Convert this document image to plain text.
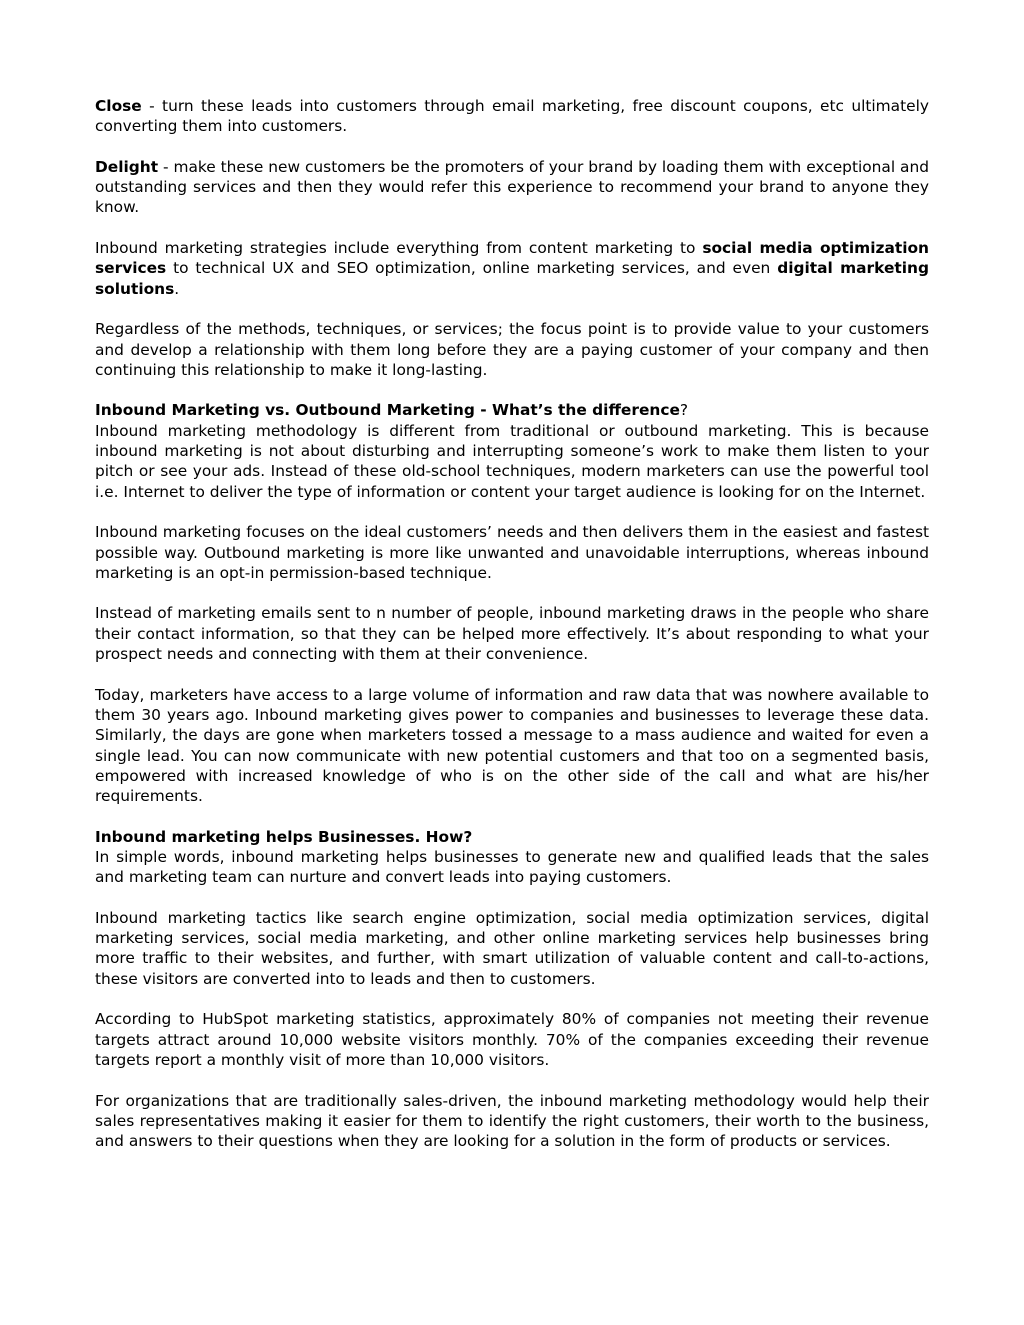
Close - turn these leads into customers through email marketing, free discount coupons, etc ultimately converting them into customers.

Delight - make these new customers be the promoters of your brand by loading them with exceptional and outstanding services and then they would refer this experience to recommend your brand to anyone they know.

Inbound marketing strategies include everything from content marketing to social media optimization services to technical UX and SEO optimization, online marketing services, and even digital marketing solutions.

Regardless of the methods, techniques, or services; the focus point is to provide value to your customers and develop a relationship with them long before they are a paying customer of your company and then continuing this relationship to make it long-lasting.

Inbound Marketing vs. Outbound Marketing - What’s the difference?

Inbound marketing methodology is different from traditional or outbound marketing. This is because inbound marketing is not about disturbing and interrupting someone’s work to make them listen to your pitch or see your ads. Instead of these old-school techniques, modern marketers can use the powerful tool i.e. Internet to deliver the type of information or content your target audience is looking for on the Internet.

Inbound marketing focuses on the ideal customers’ needs and then delivers them in the easiest and fastest possible way. Outbound marketing is more like unwanted and unavoidable interruptions, whereas inbound marketing is an opt-in permission-based technique.

Instead of marketing emails sent to n number of people, inbound marketing draws in the people who share their contact information, so that they can be helped more effectively. It’s about responding to what your prospect needs and connecting with them at their convenience.

Today, marketers have access to a large volume of information and raw data that was nowhere available to them 30 years ago. Inbound marketing gives power to companies and businesses to leverage these data. Similarly, the days are gone when marketers tossed a message to a mass audience and waited for even a single lead. You can now communicate with new potential customers and that too on a segmented basis, empowered with increased knowledge of who is on the other side of the call and what are his/her requirements.

Inbound marketing helps Businesses. How?

In simple words, inbound marketing helps businesses to generate new and qualified leads that the sales and marketing team can nurture and convert leads into paying customers.

Inbound marketing tactics like search engine optimization, social media optimization services, digital marketing services, social media marketing, and other online marketing services help businesses bring more traffic to their websites, and further, with smart utilization of valuable content and call-to-actions, these visitors are converted into to leads and then to customers.

According to HubSpot marketing statistics, approximately 80% of companies not meeting their revenue targets attract around 10,000 website visitors monthly. 70% of the companies exceeding their revenue targets report a monthly visit of more than 10,000 visitors.

For organizations that are traditionally sales-driven, the inbound marketing methodology would help their sales representatives making it easier for them to identify the right customers, their worth to the business, and answers to their questions when they are looking for a solution in the form of products or services.
